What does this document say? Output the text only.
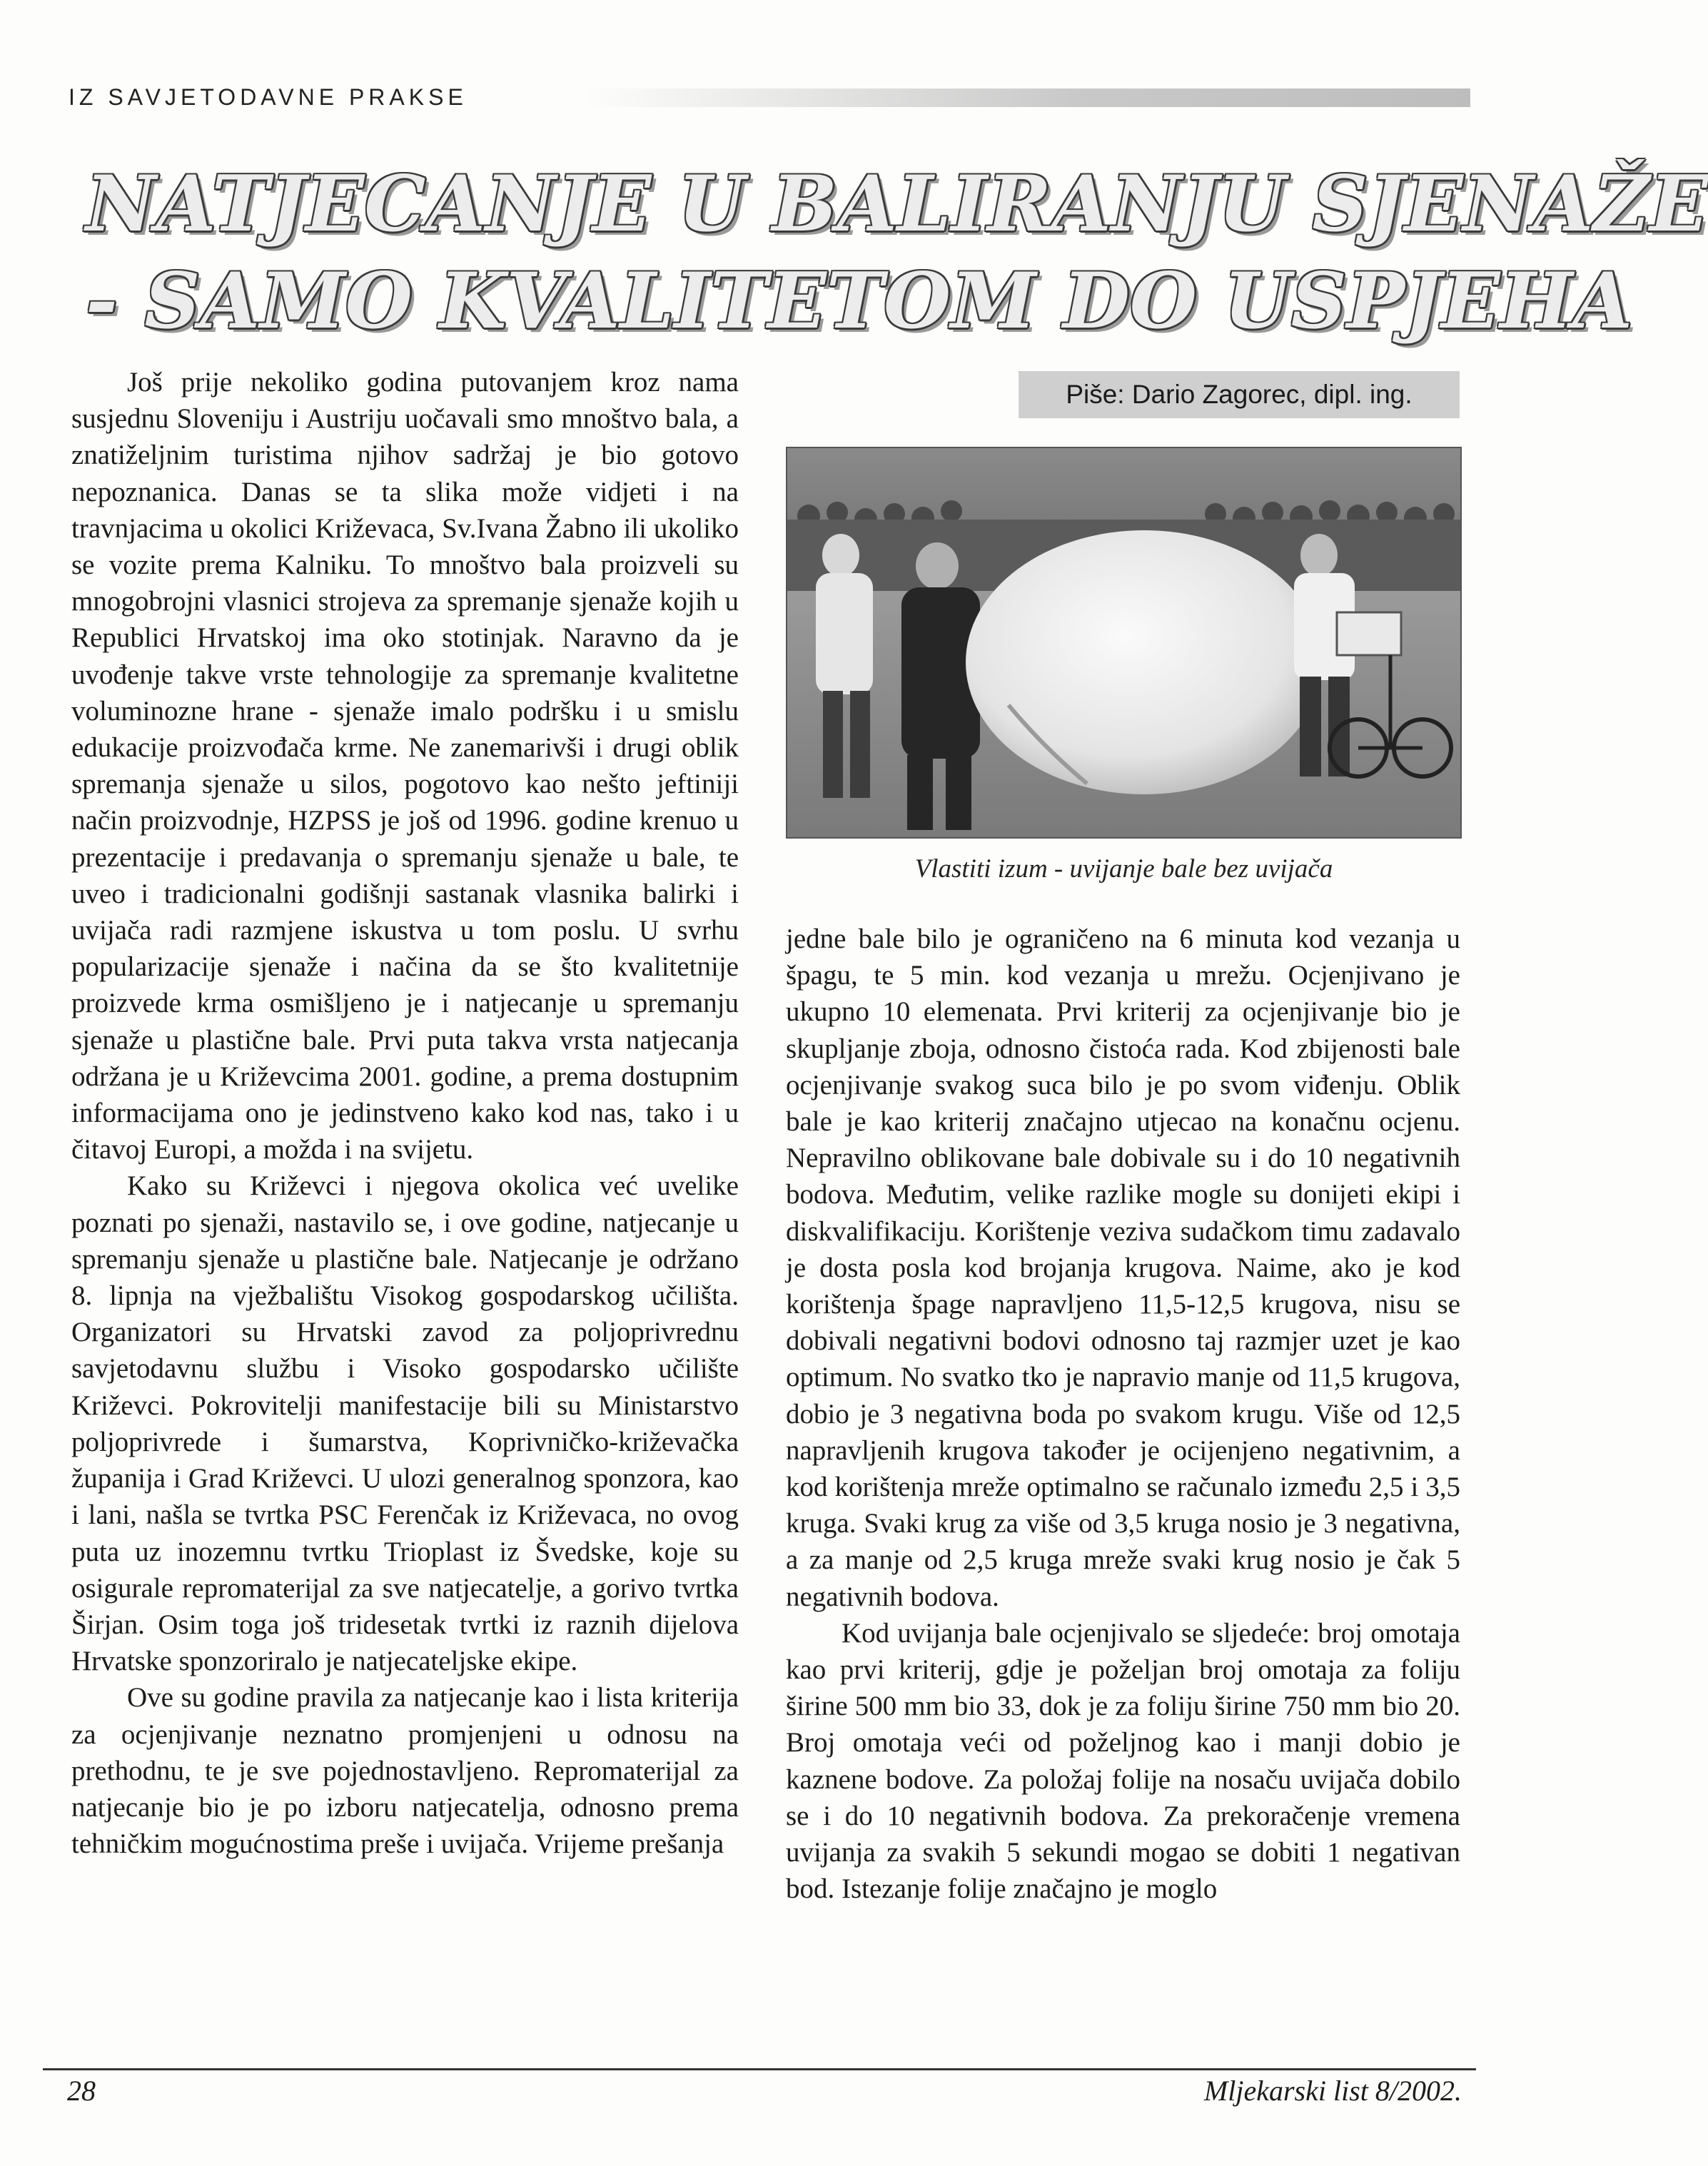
IZ SAVJETODAVNE PRAKSE
NATJECANJE U BALIRANJU SJENAŽE
- SAMO KVALITETOM DO USPJEHA

Još prije nekoliko godina putovanjem kroz nama susjednu Sloveniju i Austriju uočavali smo mnoštvo bala, a znatiželjnim turistima njihov sadržaj je bio gotovo nepoznanica. Danas se ta slika može vidjeti i na travnjacima u okolici Križevaca, Sv.Ivana Žabno ili ukoliko se vozite prema Kalniku. To mnoštvo bala proizveli su mnogobrojni vlasnici strojeva za spremanje sjenaže kojih u Republici Hrvatskoj ima oko stotinjak. Naravno da je uvođenje takve vrste tehnologije za spremanje kvalitetne voluminozne hrane - sjenaže imalo podršku i u smislu edukacije proizvođača krme. Ne zanemarivši i drugi oblik spremanja sjenaže u silos, pogotovo kao nešto jeftiniji način proizvodnje, HZPSS je još od 1996. godine krenuo u prezentacije i predavanja o spremanju sjenaže u bale, te uveo i tradicionalni godišnji sastanak vlasnika balirki i uvijača radi razmjene iskustva u tom poslu. U svrhu popularizacije sjenaže i načina da se što kvalitetnije proizvede krma osmišljeno je i natjecanje u spremanju sjenaže u plastične bale. Prvi puta takva vrsta natjecanja održana je u Križevcima 2001. godine, a prema dostupnim informacijama ono je jedinstveno kako kod nas, tako i u čitavoj Europi, a možda i na svijetu.

Kako su Križevci i njegova okolica već uvelike poznati po sjenaži, nastavilo se, i ove godine, natjecanje u spremanju sjenaže u plastične bale. Natjecanje je održano 8. lipnja na vježbalištu Visokog gospodarskog učilišta. Organizatori su Hrvatski zavod za poljoprivrednu savjetodavnu službu i Visoko gospodarsko učilište Križevci. Pokrovitelji manifestacije bili su Ministarstvo poljoprivrede i šumarstva, Koprivničko-križevačka županija i Grad Križevci. U ulozi generalnog sponzora, kao i lani, našla se tvrtka PSC Ferenčak iz Križevaca, no ovog puta uz inozemnu tvrtku Trioplast iz Švedske, koje su osigurale repromaterijal za sve natjecatelje, a gorivo tvrtka Širjan. Osim toga još tridesetak tvrtki iz raznih dijelova Hrvatske sponzoriralo je natjecateljske ekipe.

Ove su godine pravila za natjecanje kao i lista kriterija za ocjenjivanje neznatno promjenjeni u odnosu na prethodnu, te je sve pojednostavljeno. Repromaterijal za natjecanje bio je po izboru natjecatelja, odnosno prema tehničkim mogućnostima preše i uvijača. Vrijeme prešanja

Piše: Dario Zagorec, dipl. ing.
Vlastiti izum - uvijanje bale bez uvijača

jedne bale bilo je ograničeno na 6 minuta kod vezanja u špagu, te 5 min. kod vezanja u mrežu. Ocjenjivano je ukupno 10 elemenata. Prvi kriterij za ocjenjivanje bio je skupljanje zboja, odnosno čistoća rada. Kod zbijenosti bale ocjenjivanje svakog suca bilo je po svom viđenju. Oblik bale je kao kriterij značajno utjecao na konačnu ocjenu. Nepravilno oblikovane bale dobivale su i do 10 negativnih bodova. Međutim, velike razlike mogle su donijeti ekipi i diskvalifikaciju. Korištenje veziva sudačkom timu zadavalo je dosta posla kod brojanja krugova. Naime, ako je kod korištenja špage napravljeno 11,5-12,5 krugova, nisu se dobivali negativni bodovi odnosno taj razmjer uzet je kao optimum. No svatko tko je napravio manje od 11,5 krugova, dobio je 3 negativna boda po svakom krugu. Više od 12,5 napravljenih krugova također je ocijenjeno negativnim, a kod korištenja mreže optimalno se računalo između 2,5 i 3,5 kruga. Svaki krug za više od 3,5 kruga nosio je 3 negativna, a za manje od 2,5 kruga mreže svaki krug nosio je čak 5 negativnih bodova.

Kod uvijanja bale ocjenjivalo se sljedeće: broj omotaja kao prvi kriterij, gdje je poželjan broj omotaja za foliju širine 500 mm bio 33, dok je za foliju širine 750 mm bio 20. Broj omotaja veći od poželjnog kao i manji dobio je kaznene bodove. Za položaj folije na nosaču uvijača dobilo se i do 10 negativnih bodova. Za prekoračenje vremena uvijanja za svakih 5 sekundi mogao se dobiti 1 negativan bod. Istezanje folije značajno je moglo

28	Mljekarski list 8/2002.
